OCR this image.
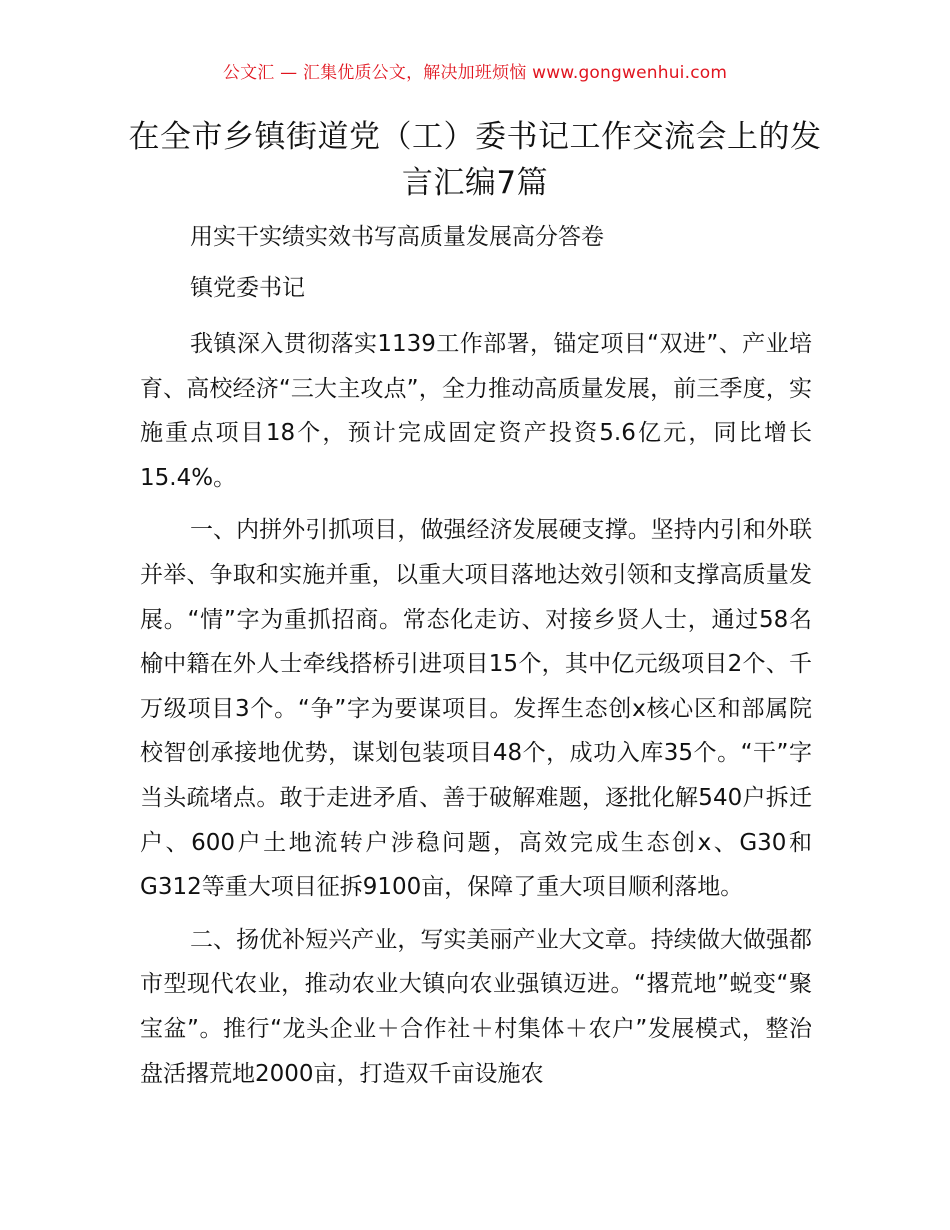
公文汇 — 汇集优质公文，解决加班烦恼 www.gongwenhui.com
在全市乡镇街道党（工）委书记工作交流会上的发言汇编7篇
用实干实绩实效书写高质量发展高分答卷
镇党委书记

我镇深入贯彻落实1139工作部署，锚定项目“双进”、产业培育、高校经济“三大主攻点”，全力推动高质量发展，前三季度，实施重点项目18个，预计完成固定资产投资5.6亿元，同比增长15.4%。

一、内拼外引抓项目，做强经济发展硬支撑。坚持内引和外联并举、争取和实施并重，以重大项目落地达效引领和支撑高质量发展。“情”字为重抓招商。常态化走访、对接乡贤人士，通过58名榆中籍在外人士牵线搭桥引进项目15个，其中亿元级项目2个、千万级项目3个。“争”字为要谋项目。发挥生态创x核心区和部属院校智创承接地优势，谋划包装项目48个，成功入库35个。“干”字当头疏堵点。敢于走进矛盾、善于破解难题，逐批化解540户拆迁户、600户土地流转户涉稳问题，高效完成生态创x、G30和G312等重大项目征拆9100亩，保障了重大项目顺利落地。

二、扬优补短兴产业，写实美丽产业大文章。持续做大做强都市型现代农业，推动农业大镇向农业强镇迈进。“撂荒地”蜕变“聚宝盆”。推行“龙头企业＋合作社＋村集体＋农户”发展模式，整治盘活撂荒地2000亩，打造双千亩设施农
